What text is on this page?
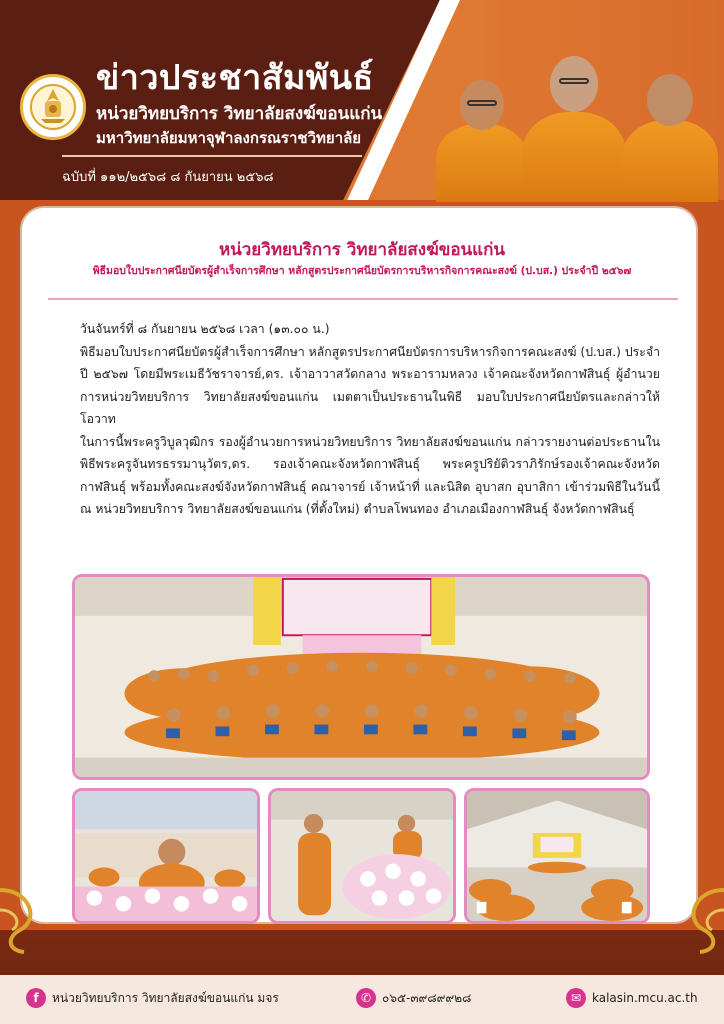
ข่าวประชาสัมพันธ์
หน่วยวิทยบริการ วิทยาลัยสงฆ์ขอนแก่น
มหาวิทยาลัยมหาจุฬาลงกรณราชวิทยาลัย
ฉบับที่ ๑๑๒/๒๕๖๘ ๘ กันยายน ๒๕๖๘
หน่วยวิทยบริการ วิทยาลัยสงฆ์ขอนแก่น
พิธีมอบใบประกาศนียบัตรผู้สำเร็จการศึกษา หลักสูตรประกาศนียบัตรการบริหารกิจการคณะสงฆ์ (ป.บส.) ประจำปี ๒๕๖๗

วันจันทร์ที่ ๘ กันยายน ๒๕๖๘ เวลา (๑๓.๐๐ น.)

พิธีมอบใบประกาศนียบัตรผู้สำเร็จการศึกษา หลักสูตรประกาศนียบัตรการบริหารกิจการคณะสงฆ์ (ป.บส.) ประจำปี ๒๕๖๗ โดยมีพระเมธีวัชราจารย์,ดร. เจ้าอาวาสวัดกลาง พระอารามหลวง เจ้าคณะจังหวัดกาฬสินธุ์ ผู้อำนวยการหน่วยวิทยบริการ วิทยาลัยสงฆ์ขอนแก่น เมตตาเป็นประธานในพิธี มอบใบประกาศนียบัตรและกล่าวให้โอวาท

ในการนี้พระครูวิบูลวุฒิกร รองผู้อำนวยการหน่วยวิทยบริการ วิทยาลัยสงฆ์ขอนแก่น กล่าวรายงานต่อประธานในพิธีพระครูจันทรธรรมานุวัตร,ดร. รองเจ้าคณะจังหวัดกาฬสินธุ์ พระครูปริยัติวราภิรักษ์รองเจ้าคณะจังหวัดกาฬสินธุ์ พร้อมทั้งคณะสงฆ์จังหวัดกาฬสินธุ์ คณาจารย์ เจ้าหน้าที่ และนิสิต อุบาสก อุบาสิกา เข้าร่วมพิธีในวันนี้ ณ หน่วยวิทยบริการ วิทยาลัยสงฆ์ขอนแก่น (ที่ตั้งใหม่) ตำบลโพนทอง อำเภอเมืองกาฬสินธุ์ จังหวัดกาฬสินธุ์

f	หน่วยวิทยบริการ วิทยาลัยสงฆ์ขอนแก่น มจร	✆ ๐๖๕-๓๙๘๙๙๒๘	✉ kalasin.mcu.ac.th
